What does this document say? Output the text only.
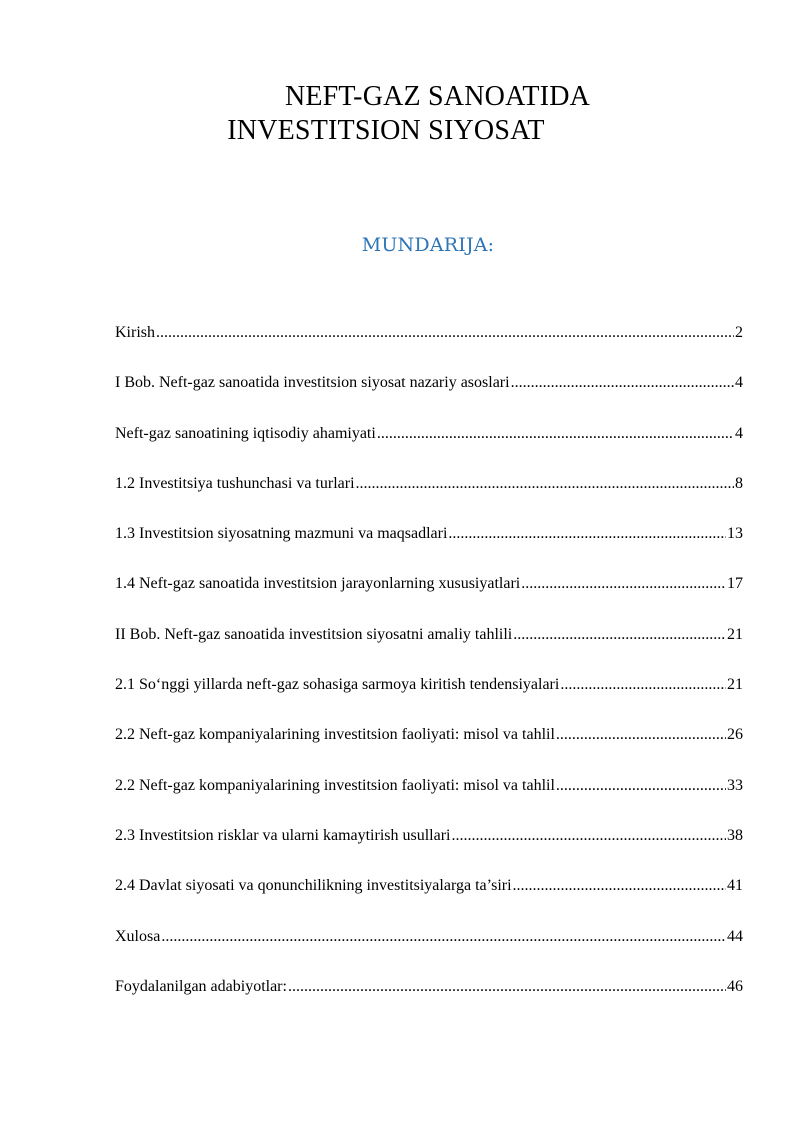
NEFT-GAZ SANOATIDA
INVESTITSION SIYOSAT
MUNDARIJA:
Kirish .....	2
I Bob. Neft-gaz sanoatida investitsion siyosat nazariy asoslari .....	4
Neft-gaz sanoatining iqtisodiy ahamiyati .....	4
1.2 Investitsiya tushunchasi va turlari .....	8
1.3 Investitsion siyosatning mazmuni va maqsadlari .....	13
1.4 Neft-gaz sanoatida investitsion jarayonlarning xususiyatlari .....	17
II Bob. Neft-gaz sanoatida investitsion siyosatni amaliy tahlili .....	21
2.1 So‘nggi yillarda neft-gaz sohasiga sarmoya kiritish tendensiyalari .....	21
2.2 Neft-gaz kompaniyalarining investitsion faoliyati: misol va tahlil .....	26
2.2 Neft-gaz kompaniyalarining investitsion faoliyati: misol va tahlil .....	33
2.3 Investitsion risklar va ularni kamaytirish usullari .....	38
2.4 Davlat siyosati va qonunchilikning investitsiyalarga ta’siri .....	41
Xulosa .....	44
Foydalanilgan adabiyotlar: .....	46
